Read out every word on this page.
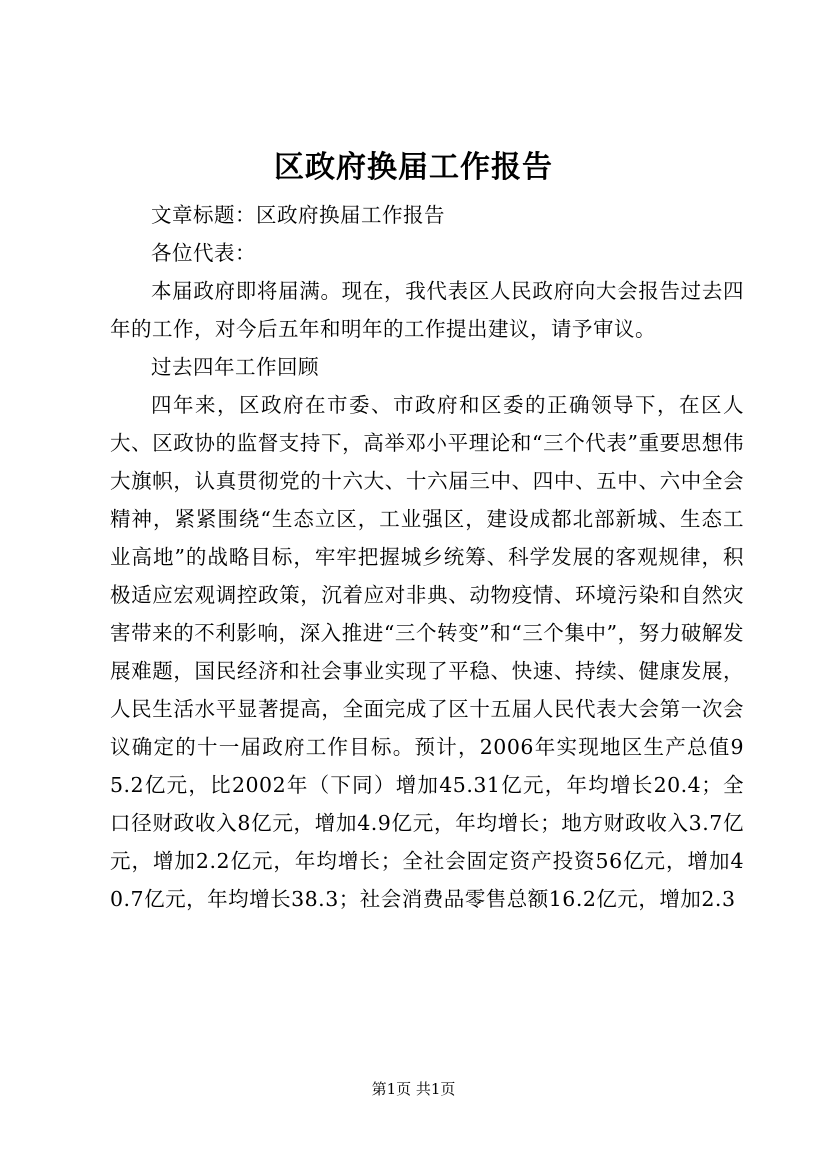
区政府换届工作报告

文章标题：区政府换届工作报告

各位代表：

本届政府即将届满。现在，我代表区人民政府向大会报告过去四年的工作，对今后五年和明年的工作提出建议，请予审议。

过去四年工作回顾

四年来，区政府在市委、市政府和区委的正确领导下，在区人大、区政协的监督支持下，高举邓小平理论和“三个代表”重要思想伟大旗帜，认真贯彻党的十六大、十六届三中、四中、五中、六中全会精神，紧紧围绕“生态立区，工业强区，建设成都北部新城、生态工业高地”的战略目标，牢牢把握城乡统筹、科学发展的客观规律，积极适应宏观调控政策，沉着应对非典、动物疫情、环境污染和自然灾害带来的不利影响，深入推进“三个转变”和“三个集中”，努力破解发展难题，国民经济和社会事业实现了平稳、快速、持续、健康发展，人民生活水平显著提高，全面完成了区十五届人民代表大会第一次会议确定的十一届政府工作目标。预计，2006年实现地区生产总值95.2亿元，比2002年（下同）增加45.31亿元，年均增长20.4；全口径财政收入8亿元，增加4.9亿元，年均增长；地方财政收入3.7亿元，增加2.2亿元，年均增长；全社会固定资产投资56亿元，增加40.7亿元，年均增长38.3；社会消费品零售总额16.2亿元，增加2.3

第1页 共1页
